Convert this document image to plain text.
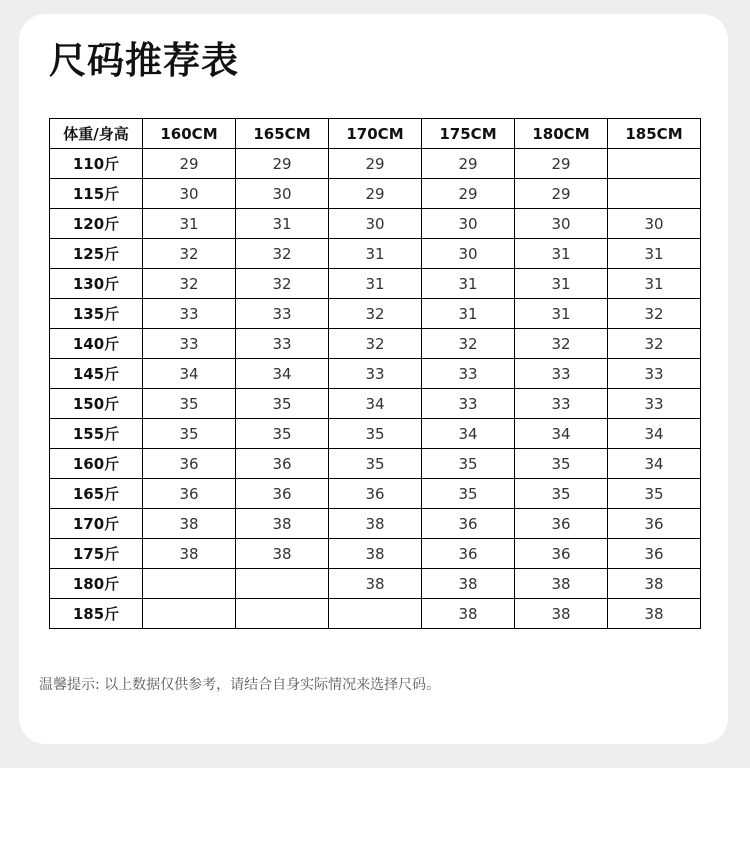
尺码推荐表
体重/身高	160CM	165CM	170CM	175CM	180CM	185CM
110斤	29	29	29	29	29	
115斤	30	30	29	29	29	
120斤	31	31	30	30	30	30
125斤	32	32	31	30	31	31
130斤	32	32	31	31	31	31
135斤	33	33	32	31	31	32
140斤	33	33	32	32	32	32
145斤	34	34	33	33	33	33
150斤	35	35	34	33	33	33
155斤	35	35	35	34	34	34
160斤	36	36	35	35	35	34
165斤	36	36	36	35	35	35
170斤	38	38	38	36	36	36
175斤	38	38	38	36	36	36
180斤			38	38	38	38
185斤				38	38	38

温馨提示: 以上数据仅供参考，请结合自身实际情况来选择尺码。
